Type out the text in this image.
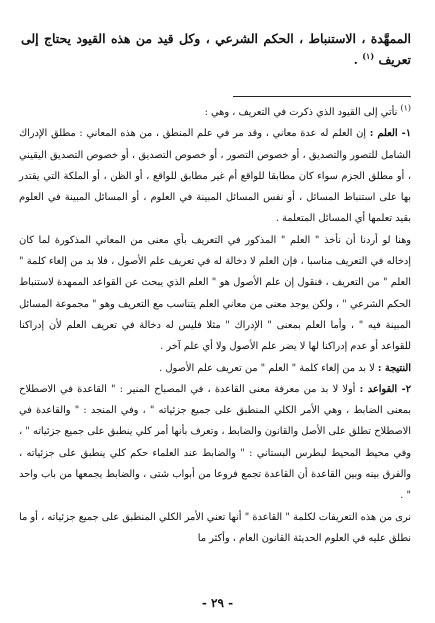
الممهَّدة ، الاستنباط ، الحكم الشرعي ، وكل قيد من هذه القيود يحتاج إلى تعريف $^{(١)}$ .

$^{(١)}$ نأتي إلى القيود الذي ذكرت في التعريف ، وهي :

١- العلم : إن العلم له عدة معاني ، وقد مر في علم المنطق ، من هذه المعاني : مطلق الإدراك الشامل للتصور والتصديق ، أو خصوص التصور ، أو خصوص التصديق ، أو خصوص التصديق اليقيني ، أو مطلق الجزم سواء كان مطابقا للواقع أم غير مطابق للواقع ، أو الظن ، أو الملكة التي يقتدر بها على استنباط المسائل ، أو نفس المسائل المبينة في العلوم ، أو المسائل المبينة في العلوم بقيد تعلمها أي المسائل المتعلمة .

وهنا لو أردنا أن نأخذ " العلم " المذكور في التعريف بأي معنى من المعاني المذكورة لما كان إدخاله في التعريف مناسبا ، فإن العلم لا دخالة له في تعريف علم الأصول ، فلا بد من إلغاء كلمة " العلم " من التعريف ، فنقول إن علم الأصول هو " العلم الذي يبحث عن القواعد الممهدة لاستنباط الحكم الشرعي " ، ولكن يوجد معنى من معاني العلم يتناسب مع التعريف وهو " مجموعة المسائل المبينة فيه " ، وأما العلم بمعنى " الإدراك " مثلا فليس له دخالة في تعريف العلم لأن إدراكنا للقواعد أو عدم إدراكنا لها لا يضر علم الأصول ولا أي علم آخر .

النتيجة : لا بد من إلغاء كلمة " العلم " من تعريف علم الأصول .

٢- القواعد : أولا لا بد من معرفة معنى القاعدة ، في المصباح المنير : " القاعدة في الاصطلاح بمعنى الضابط ، وهي الأمر الكلي المنطبق على جميع جزئياته " ، وفي المنجد : " والقاعدة في الاصطلاح تطلق على الأصل والقانون والضابط ، وتعرف بأنها أمر كلي ينطبق على جميع جزئياته " ، وفي محيط المحيط لبطرس البستاني : " والضابط عند العلماء حكم كلي ينطبق على جزئياته ، والفرق بينه وبين القاعدة أن القاعدة تجمع فروعا من أبواب شتى ، والضابط يجمعها من باب واحد " .

نرى من هذه التعريفات لكلمة " القاعدة " أنها تعني الأمر الكلي المنطبق على جميع جزئياته ، أو ما نطلق عليه في العلوم الحديثة القانون العام ، وأكثر ما

- ٢٩ -
